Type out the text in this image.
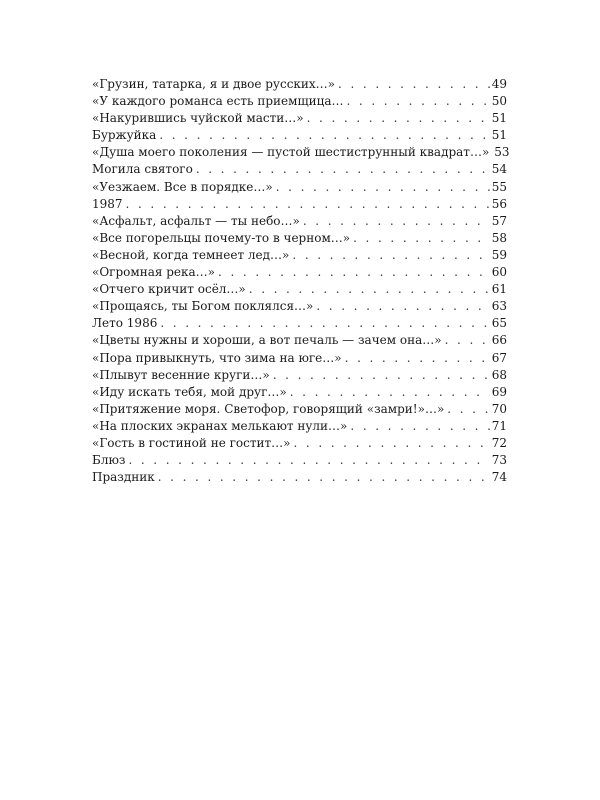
«Грузин, татарка, я и двое русских…» . . .	49
«У каждого романса есть приемщица… . . .	50
«Накурившись чуйской масти…» . . .	51
Буржуйка . . .	51
«Душа моего поколения — пустой шестиструнный квадрат…» 53
Могила святого . . .	54
«Уезжаем. Все в порядке…» . . .	55
1987 . . .	56
«Асфальт, асфальт — ты небо…» . . .	57
«Все погорельцы почему-то в черном…» . . .	58
«Весной, когда темнеет лед…» . . .	59
«Огромная река…» . . .	60
«Отчего кричит осёл…» . . .	61
«Прощаясь, ты Богом поклялся…» . . .	63
Лето 1986 . . .	65
«Цветы нужны и хороши, а вот печаль — зачем она…» . . .	66
«Пора привыкнуть, что зима на юге…» . . .	67
«Плывут весенние круги…» . . .	68
«Иду искать тебя, мой друг…» . . .	69
«Притяжение моря. Светофор, говорящий «замри!»…» . . .	70
«На плоских экранах мелькают нули…» . . .	71
«Гость в гостиной не гостит…» . . .	72
Блюз . . .	73
Праздник . . .	74
